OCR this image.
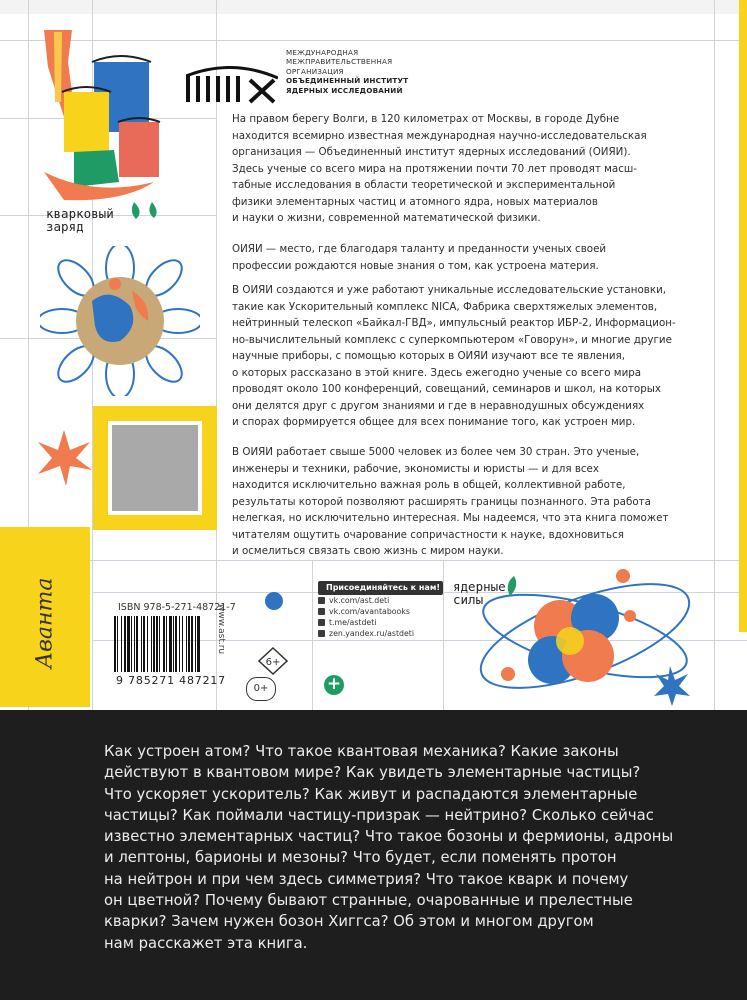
кварковый
заряд
Аванта
МЕЖДУНАРОДНАЯ
МЕЖПРАВИТЕЛЬСТВЕННАЯ
ОРГАНИЗАЦИЯ
ОБЪЕДИНЕННЫЙ ИНСТИТУТ
ЯДЕРНЫХ ИССЛЕДОВАНИЙ
На правом берегу Волги, в 120 километрах от Москвы, в городе Дубне
находится всемирно известная международная научно-исследовательская
организация — Объединенный институт ядерных исследований (ОИЯИ).
Здесь ученые со всего мира на протяжении почти 70 лет проводят масш-
табные исследования в области теоретической и экспериментальной
физики элементарных частиц и атомного ядра, новых материалов
и науки о жизни, современной математической физики.
ОИЯИ — место, где благодаря таланту и преданности ученых своей
профессии рождаются новые знания о том, как устроена материя.
В ОИЯИ создаются и уже работают уникальные исследовательские установки,
такие как Ускорительный комплекс NICA, Фабрика сверхтяжелых элементов,
нейтринный телескоп «Байкал-ГВД», импульсный реактор ИБР-2, Информацион-
но-вычислительный комплекс с суперкомпьютером «Говорун», и многие другие
научные приборы, с помощью которых в ОИЯИ изучают все те явления,
о которых рассказано в этой книге. Здесь ежегодно ученые со всего мира
проводят около 100 конференций, совещаний, семинаров и школ, на которых
они делятся друг с другом знаниями и где в неравнодушных обсуждениях
и спорах формируется общее для всех понимание того, как устроен мир.
В ОИЯИ работает свыше 5000 человек из более чем 30 стран. Это ученые,
инженеры и техники, рабочие, экономисты и юристы — и для всех
находится исключительно важная роль в общей, коллективной работе,
результаты которой позволяют расширять границы познанного. Эта работа
нелегкая, но исключительно интересная. Мы надеемся, что эта книга поможет
читателям ощутить очарование сопричастности к науке, вдохновиться
и осмелиться связать свою жизнь с миром науки.
ISBN 978-5-271-48721-7
9 785271 487217
www.ast.ru
6+
0+	+
Присоединяйтесь к нам!
vk.com/ast.deti
vk.com/avantabooks
t.me/astdeti
zen.yandex.ru/astdeti
ядерные
силы
Как устроен атом? Что такое квантовая механика? Какие законы
действуют в квантовом мире? Как увидеть элементарные частицы?
Что ускоряет ускоритель? Как живут и распадаются элементарные
частицы? Как поймали частицу-призрак — нейтрино? Сколько сейчас
известно элементарных частиц? Что такое бозоны и фермионы, адроны
и лептоны, барионы и мезоны? Что будет, если поменять протон
на нейтрон и при чем здесь симметрия? Что такое кварк и почему
он цветной? Почему бывают странные, очарованные и прелестные
кварки? Зачем нужен бозон Хиггса? Об этом и многом другом
нам расскажет эта книга.
